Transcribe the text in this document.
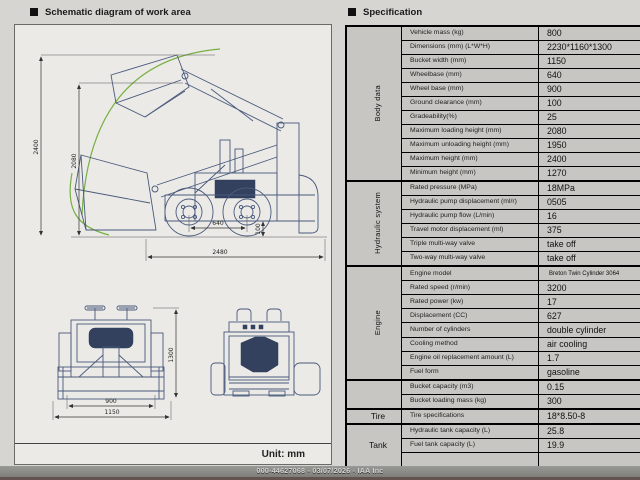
Schematic diagram of work area	Specification
2400
2080
640	100
2480
900
1150
1300
Unit: mm
Body data	Vehicle mass (kg)	800
	Dimensions (mm) (L*W*H)	2230*1160*1300
	Bucket width (mm)	1150
	Wheelbase (mm)	640
	Wheel base (mm)	900
	Ground clearance (mm)	100
	Gradeability(%)	25
	Maximum loading height (mm)	2080
	Maximum unloading height (mm)	1950
	Maximum height (mm)	2400
	Minimum height (mm)	1270
Hydraulic system	Rated pressure (MPa)	18MPa
	Hydraulic pump displacement (ml/r)	0505
	Hydraulic pump flow (L/min)	16
	Travel motor displacement (ml)	375
	Triple multi-way valve	take off
	Two-way multi-way valve	take off
Engine	Engine model	Breton Twin Cylinder 3064
	Rated speed (r/min)	3200
	Rated power (kw)	17
	Displacement (CC)	627
	Number of cylinders	double cylinder
	Cooling method	air cooling
	Engine oil replacement amount (L)	1.7
	Fuel form	gasoline
	Bucket capacity (m3)	0.15
	Bucket loading mass (kg)	300
Tire	Tire specifications	18*8.50-8
Tank	Hydraulic tank capacity (L)	25.8
	Fuel tank capacity (L)	19.9

000-44627068 - 03/07/2026 - IAA Inc
